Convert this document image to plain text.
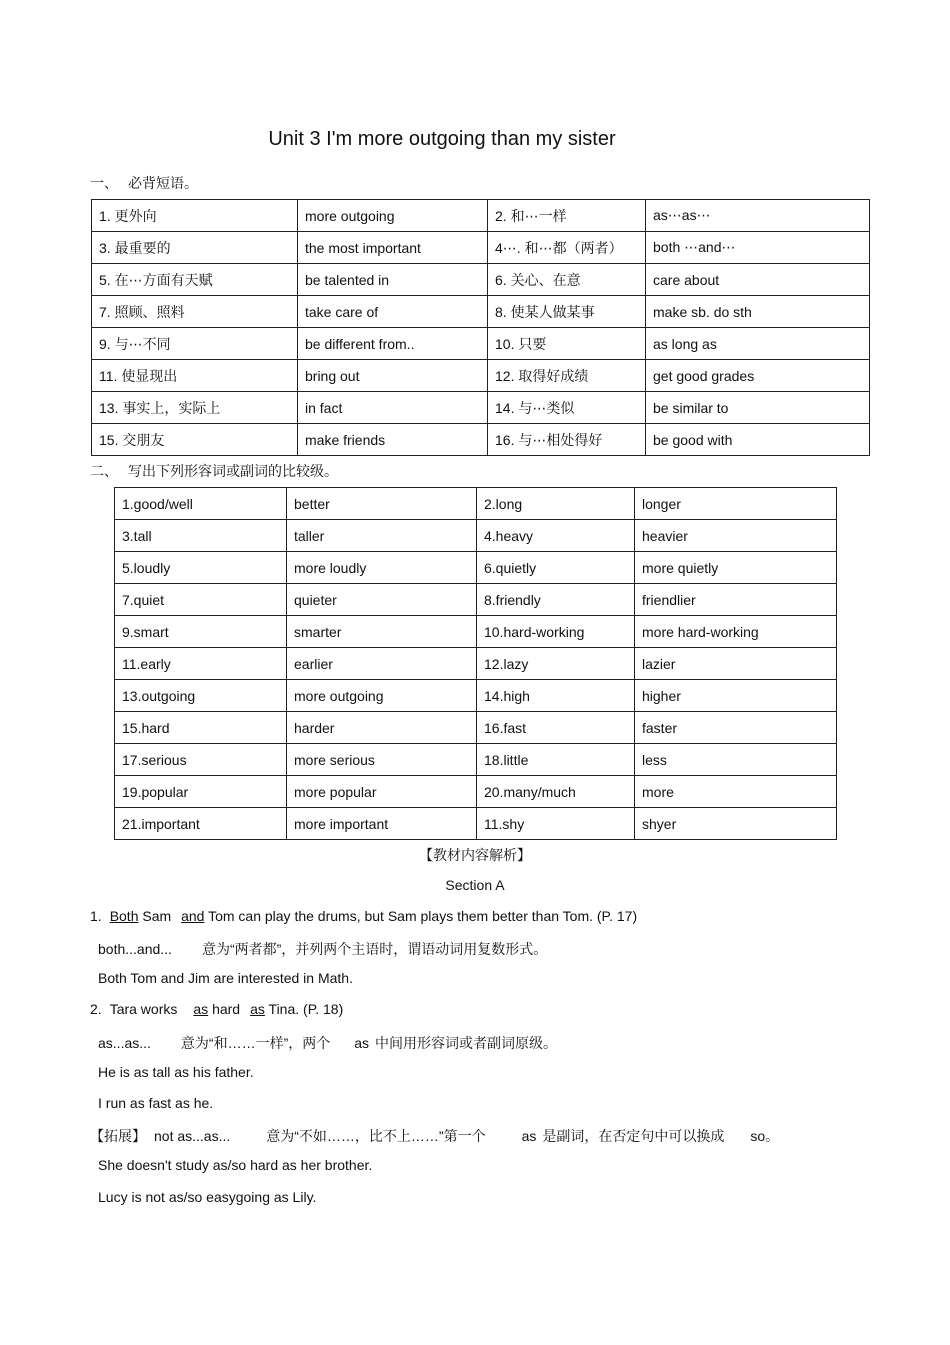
Unit 3 I'm more outgoing than my sister
一、 必背短语。
1. 更外向	more outgoing	2. 和⋯一样	as⋯as⋯
3. 最重要的	the most important	4⋯. 和⋯都（两者）	both ⋯and⋯
5. 在⋯方面有天赋	be talented in	6. 关心、在意	care about
7. 照顾、照料	take care of	8. 使某人做某事	make sb. do sth
9. 与⋯不同	be different from..	10. 只要	as long as
11. 使显现出	bring out	12. 取得好成绩	get good grades
13. 事实上，实际上	in fact	14. 与⋯类似	be similar to
15. 交朋友	make friends	16. 与⋯相处得好	be good with
二、 写出下列形容词或副词的比较级。
1.good/well	better	2.long	longer
3.tall	taller	4.heavy	heavier
5.loudly	more loudly	6.quietly	more quietly
7.quiet	quieter	8.friendly	friendlier
9.smart	smarter	10.hard-working	more hard-working
11.early	earlier	12.lazy	lazier
13.outgoing	more outgoing	14.high	higher
15.hard	harder	16.fast	faster
17.serious	more serious	18.little	less
19.popular	more popular	20.many/much	more
21.important	more important	11.shy	shyer
【教材内容解析】
Section A
1. Both Sam and Tom can play the drums, but Sam plays them better than Tom. (P. 17)
both...and... 意为“两者都”，并列两个主语时，谓语动词用复数形式。
Both Tom and Jim are interested in Math.
2. Tara works as hard as Tina. (P. 18)
as...as... 意为“和……一样”，两个 as 中间用形容词或者副词原级。
He is as tall as his father.
I run as fast as he.
【拓展】 not as...as...	意为“不如……，比不上……”第一个	as 是副词，在否定句中可以换成 so。
She doesn't study as/so hard as her brother.
Lucy is not as/so easygoing as Lily.
